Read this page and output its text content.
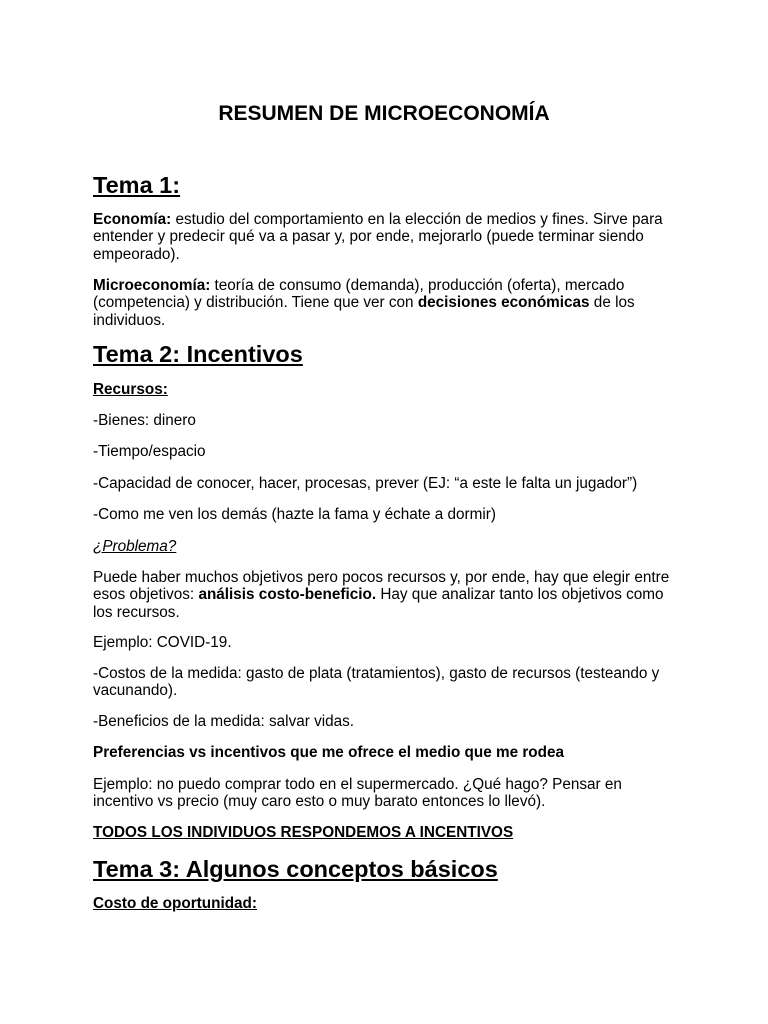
RESUMEN DE MICROECONOMÍA
Tema 1:

Economía: estudio del comportamiento en la elección de medios y fines. Sirve para entender y predecir qué va a pasar y, por ende, mejorarlo (puede terminar siendo empeorado).

Microeconomía: teoría de consumo (demanda), producción (oferta), mercado (competencia) y distribución. Tiene que ver con decisiones económicas de los individuos.

Tema 2: Incentivos

Recursos:

-Bienes: dinero

-Tiempo/espacio

-Capacidad de conocer, hacer, procesas, prever (EJ: “a este le falta un jugador”)

-Como me ven los demás (hazte la fama y échate a dormir)

¿Problema?

Puede haber muchos objetivos pero pocos recursos y, por ende, hay que elegir entre esos objetivos: análisis costo-beneficio. Hay que analizar tanto los objetivos como los recursos.

Ejemplo: COVID-19.

-Costos de la medida: gasto de plata (tratamientos), gasto de recursos (testeando y vacunando).

-Beneficios de la medida: salvar vidas.

Preferencias vs incentivos que me ofrece el medio que me rodea

Ejemplo: no puedo comprar todo en el supermercado. ¿Qué hago? Pensar en incentivo vs precio (muy caro esto o muy barato entonces lo llevó).

TODOS LOS INDIVIDUOS RESPONDEMOS A INCENTIVOS

Tema 3: Algunos conceptos básicos

Costo de oportunidad:
